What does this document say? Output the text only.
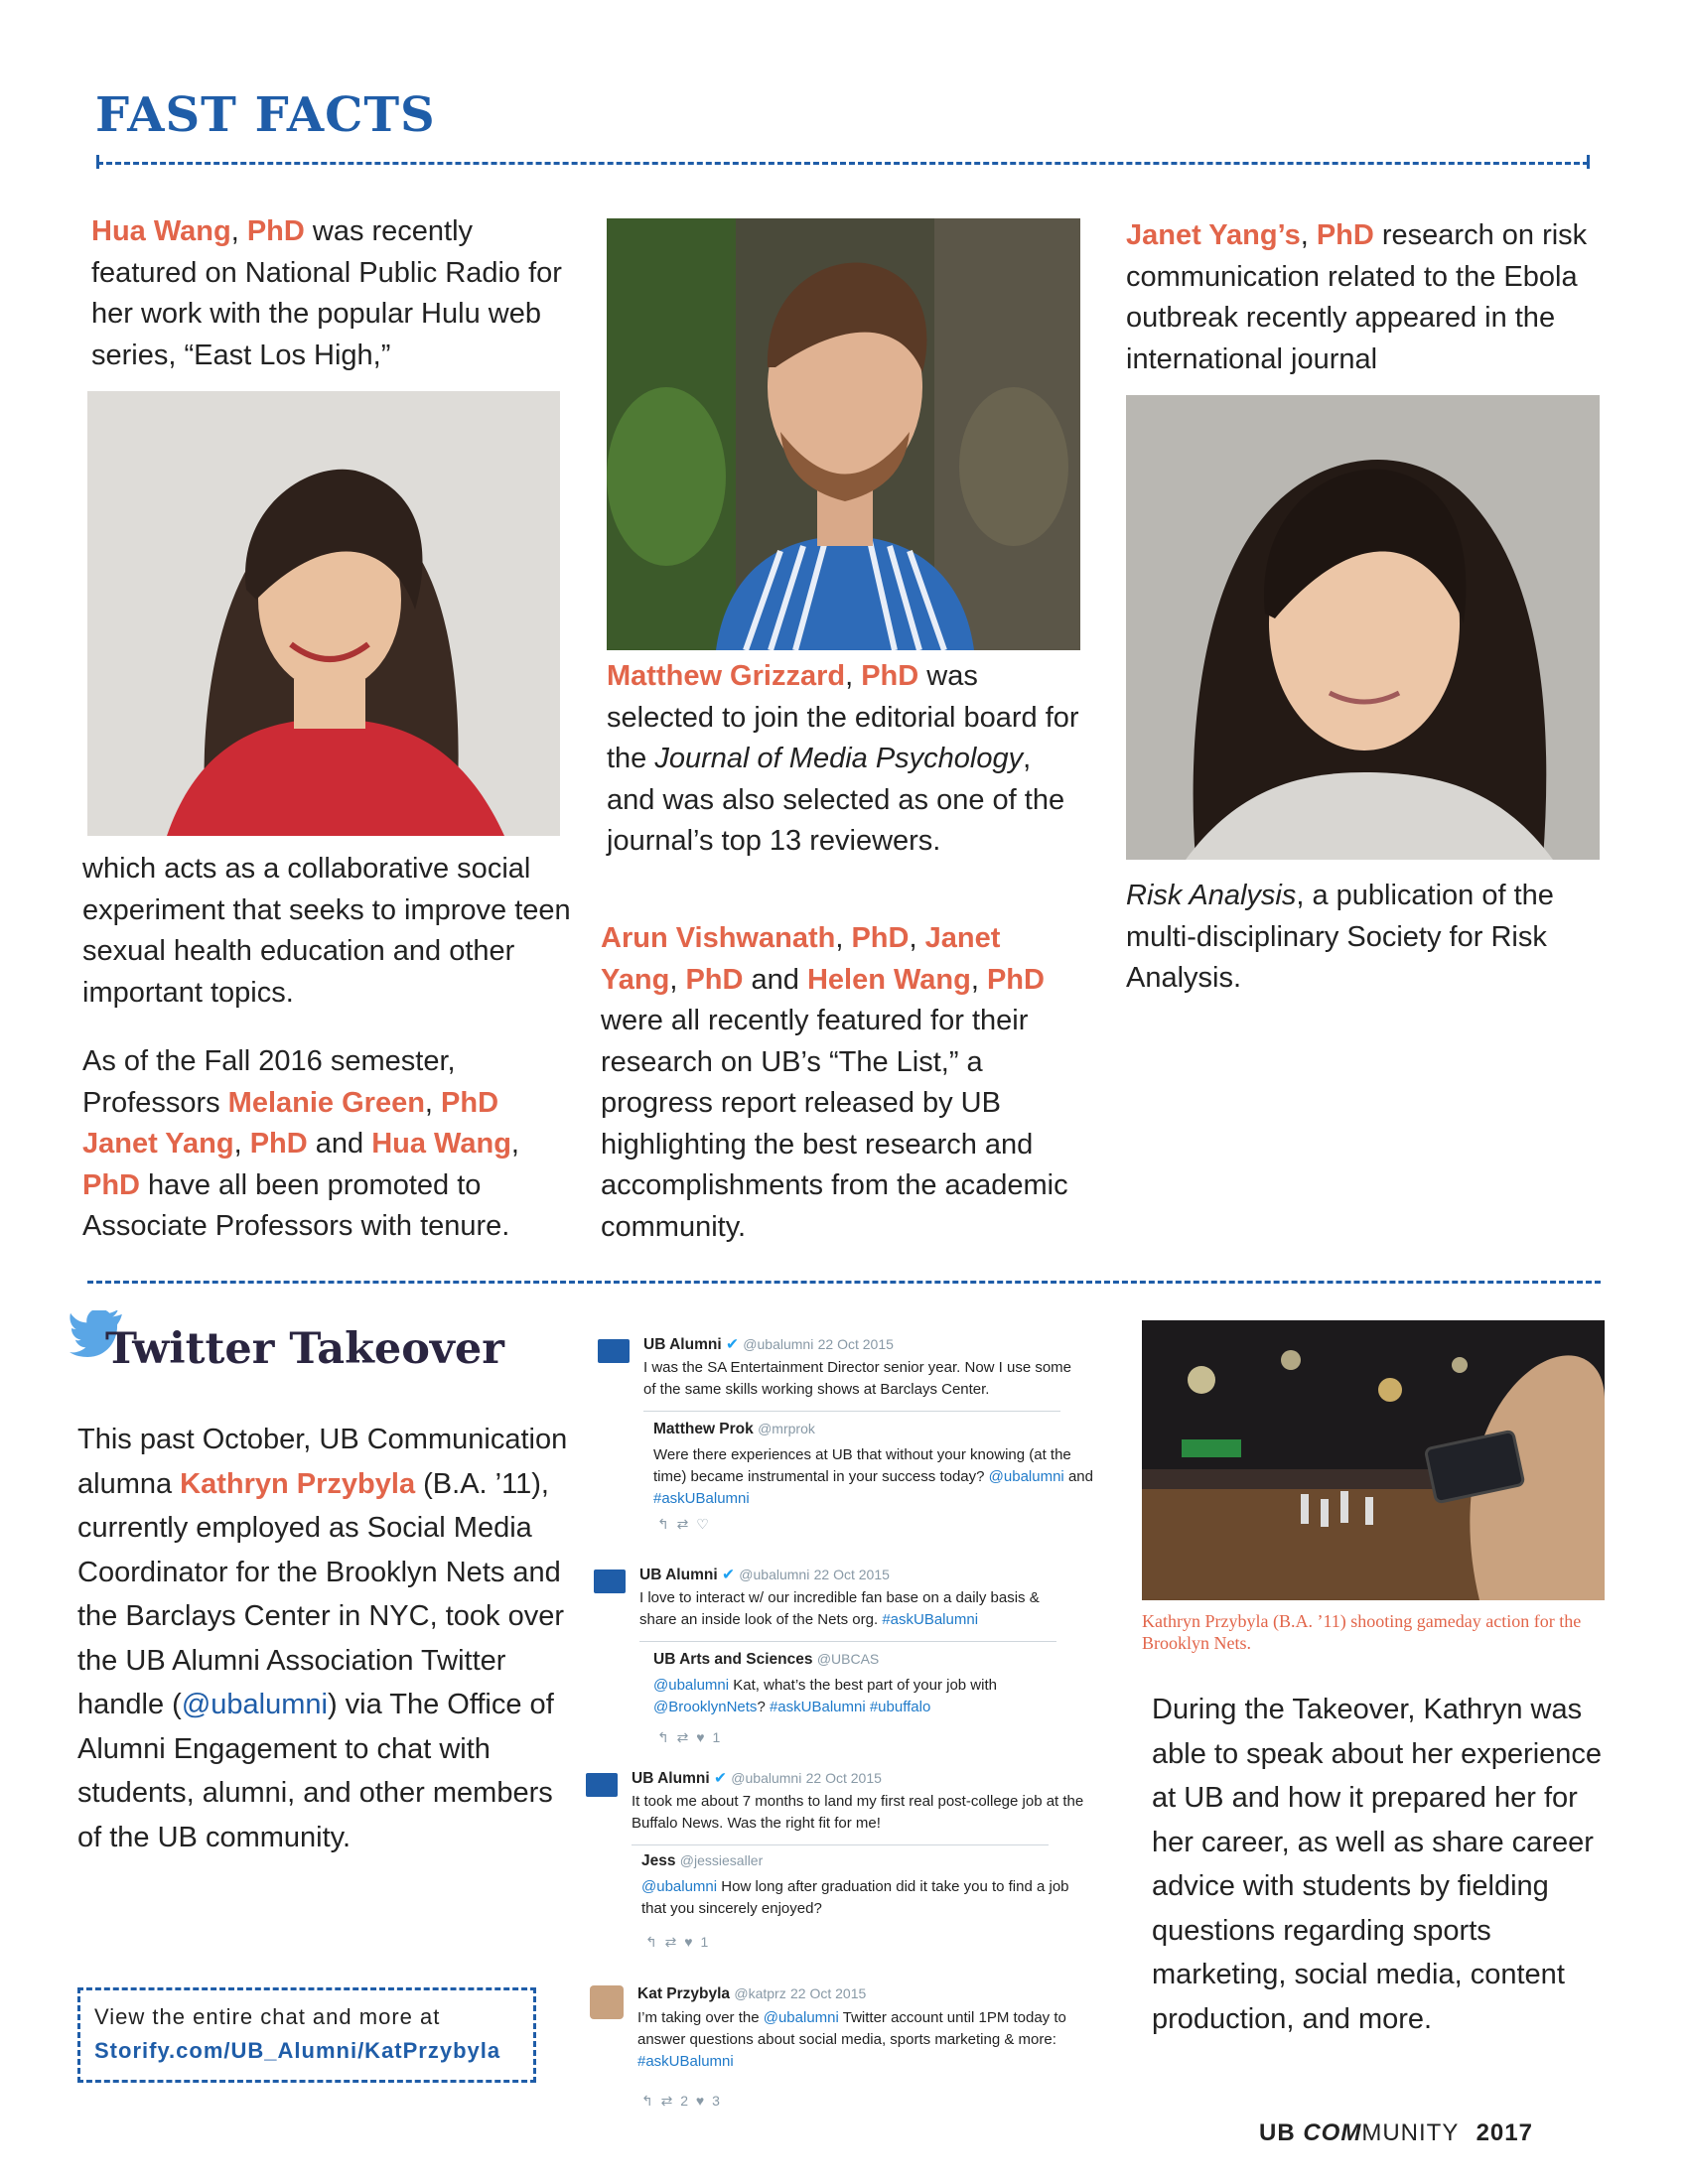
FAST FACTS
Hua Wang, PhD was recently featured on National Public Radio for her work with the popular Hulu web series, “East Los High,”
which acts as a collaborative social experiment that seeks to improve teen sexual health education and other important topics.
As of the Fall 2016 semester, Professors Melanie Green, PhD Janet Yang, PhD and Hua Wang, PhD have all been promoted to Associate Professors with tenure.
Matthew Grizzard, PhD was selected to join the editorial board for the Journal of Media Psychology, and was also selected as one of the journal’s top 13 reviewers.
Arun Vishwanath, PhD, Janet Yang, PhD and Helen Wang, PhD were all recently featured for their research on UB’s “The List,” a progress report released by UB highlighting the best research and accomplishments from the academic community.
Janet Yang’s, PhD research on risk communication related to the Ebola outbreak recently appeared in the international journal
Risk Analysis, a publication of the multi-disciplinary Society for Risk Analysis.
Twitter Takeover
This past October, UB Communication alumna Kathryn Przybyla (B.A. ’11), currently employed as Social Media Coordinator for the Brooklyn Nets and the Barclays Center in NYC, took over the UB Alumni Association Twitter handle (@ubalumni) via The Office of Alumni Engagement to chat with students, alumni, and other members of the UB community.
View the entire chat and more at
Storify.com/UB_Alumni/KatPrzybyla
UB Alumni ✔ @ubalumni 22 Oct 2015
I was the SA Entertainment Director senior year. Now I use some of the same skills working shows at Barclays Center.
Matthew Prok @mrprok
Were there experiences at UB that without your knowing (at the time) became instrumental in your success today? @ubalumni and #askUBalumni
↰ ⇄ ♡
UB Alumni ✔ @ubalumni 22 Oct 2015
I love to interact w/ our incredible fan base on a daily basis & share an inside look of the Nets org. #askUBalumni
UB Arts and Sciences @UBCAS
@ubalumni Kat, what’s the best part of your job with @BrooklynNets? #askUBalumni #ubuffalo
↰ ⇄ ♥ 1
UB Alumni ✔ @ubalumni 22 Oct 2015
It took me about 7 months to land my first real post-college job at the Buffalo News. Was the right fit for me!
Jess @jessiesaller
@ubalumni How long after graduation did it take you to find a job that you sincerely enjoyed?
↰ ⇄ ♥ 1
Kat Przybyla @katprz 22 Oct 2015
I’m taking over the @ubalumni Twitter account until 1PM today to answer questions about social media, sports marketing & more: #askUBalumni
↰ ⇄ 2 ♥ 3
Kathryn Przybyla (B.A. ’11) shooting gameday action for the Brooklyn Nets.
During the Takeover, Kathryn was able to speak about her experience at UB and how it prepared her for her career, as well as share career advice with students by fielding questions regarding sports marketing, social media, content production, and more.
UB COMMUNITY 2017
